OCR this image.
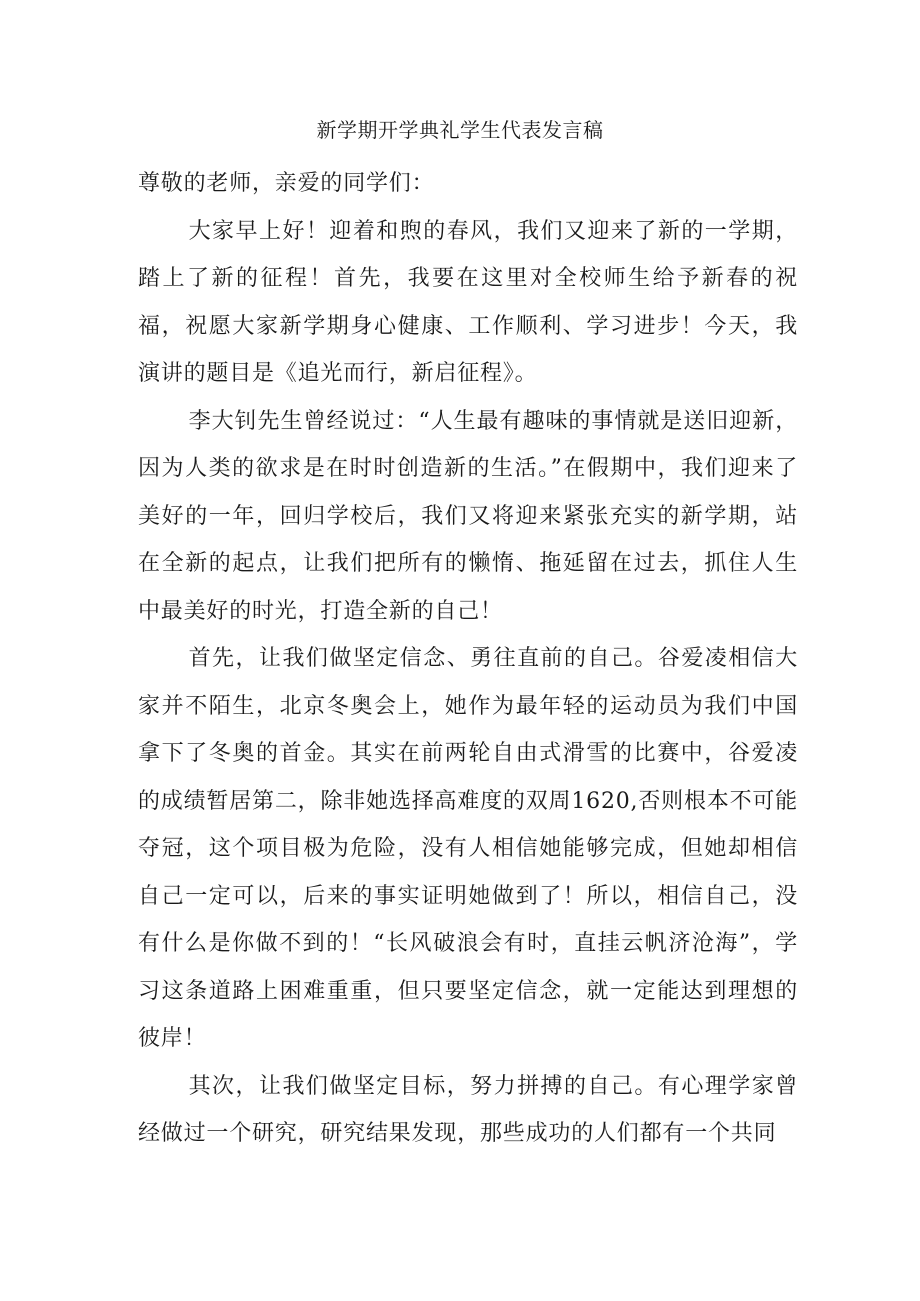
新学期开学典礼学生代表发言稿

尊敬的老师，亲爱的同学们：

大家早上好！迎着和煦的春风，我们又迎来了新的一学期，踏上了新的征程！首先，我要在这里对全校师生给予新春的祝福，祝愿大家新学期身心健康、工作顺利、学习进步！今天，我演讲的题目是《追光而行，新启征程》。

李大钊先生曾经说过：“人生最有趣味的事情就是送旧迎新，因为人类的欲求是在时时创造新的生活。”在假期中，我们迎来了美好的一年，回归学校后，我们又将迎来紧张充实的新学期，站在全新的起点，让我们把所有的懒惰、拖延留在过去，抓住人生中最美好的时光，打造全新的自己！

首先，让我们做坚定信念、勇往直前的自己。谷爱凌相信大家并不陌生，北京冬奥会上，她作为最年轻的运动员为我们中国拿下了冬奥的首金。其实在前两轮自由式滑雪的比赛中，谷爱凌的成绩暂居第二，除非她选择高难度的双周1620,否则根本不可能夺冠，这个项目极为危险，没有人相信她能够完成，但她却相信自己一定可以，后来的事实证明她做到了！所以，相信自己，没有什么是你做不到的！“长风破浪会有时，直挂云帆济沧海”，学习这条道路上困难重重，但只要坚定信念，就一定能达到理想的彼岸！

其次，让我们做坚定目标，努力拼搏的自己。有心理学家曾经做过一个研究，研究结果发现，那些成功的人们都有一个共同
